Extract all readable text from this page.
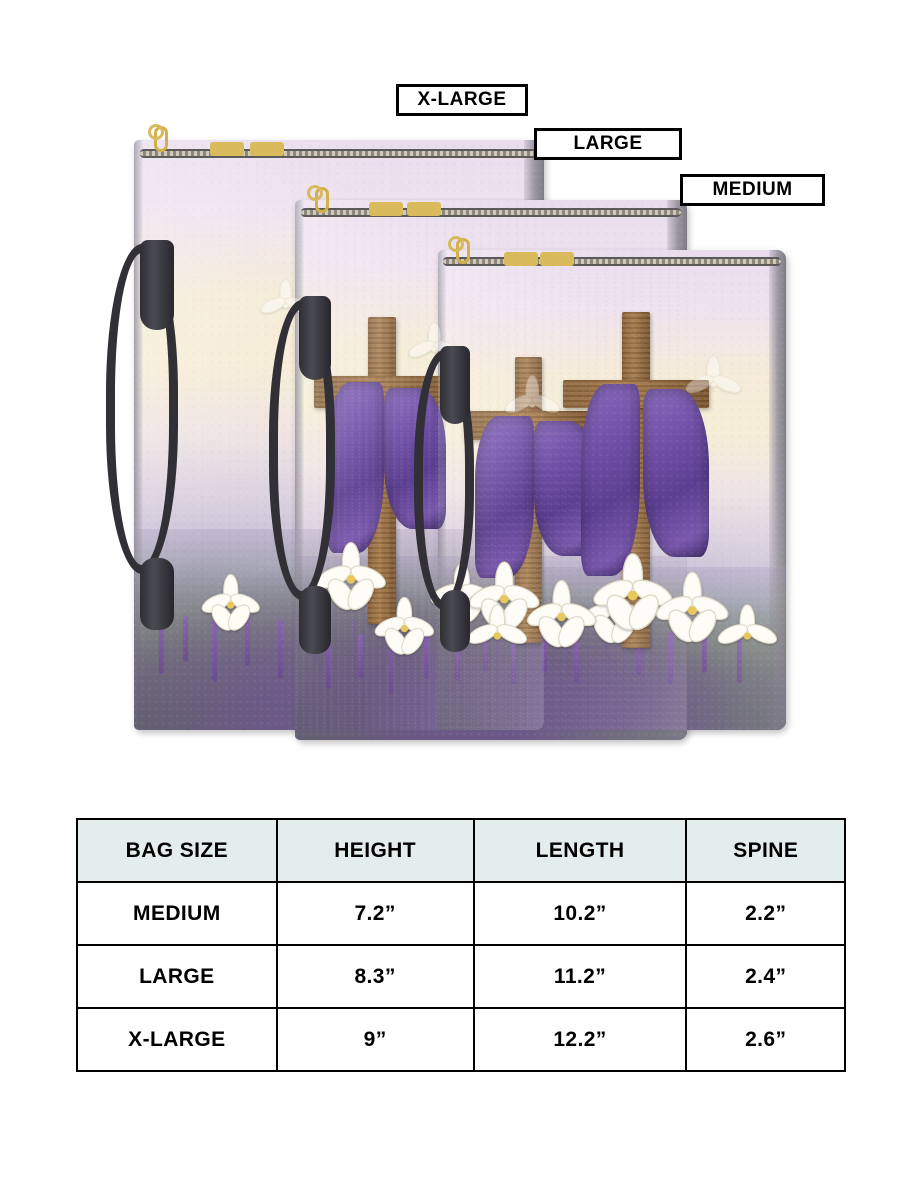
X-LARGE
LARGE
MEDIUM
BAG SIZE	HEIGHT	LENGTH	SPINE
MEDIUM	7.2”	10.2”	2.2”
LARGE	8.3”	11.2”	2.4”
X-LARGE	9”	12.2”	2.6”
